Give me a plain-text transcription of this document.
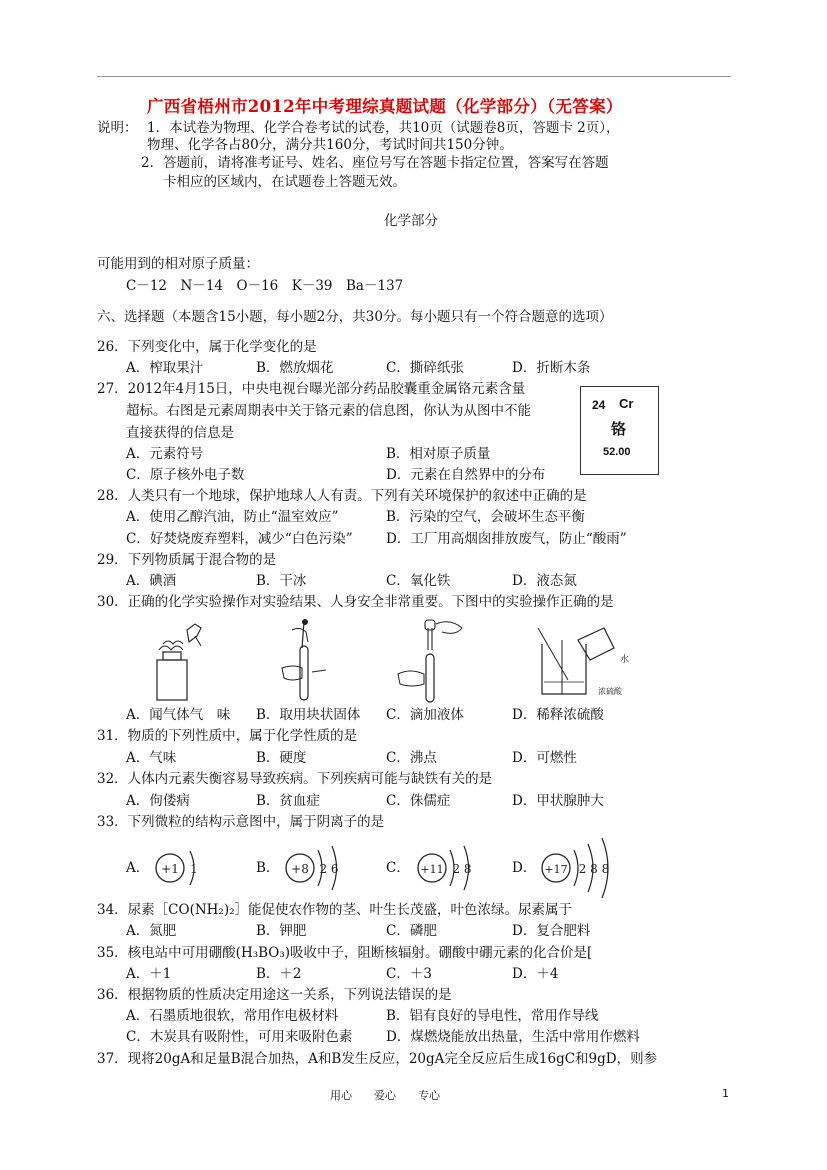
广西省梧州市2012年中考理综真题试题（化学部分）（无答案）
说明： 1．本试卷为物理、化学合卷考试的试卷，共10页（试题卷8页，答题卡 2页），
物理、化学各占80分，满分共160分，考试时间共150分钟。
2．答题前，请将准考证号、姓名、座位号写在答题卡指定位置，答案写在答题
卡相应的区域内，在试题卷上答题无效。
化学部分
可能用到的相对原子质量：
C－12　N－14　O－16　K－39　Ba－137
六、选择题（本题含15小题，每小题2分，共30分。每小题只有一个符合题意的选项）
26．下列变化中，属于化学变化的是
A．榨取果汁	B．燃放烟花	C．撕碎纸张	D．折断木条
27．2012年4月15日，中央电视台曝光部分药品胶囊重金属铬元素含量
超标。右图是元素周期表中关于铬元素的信息图，你认为从图中不能
直接获得的信息是
A．元素符号	B．相对原子质量
C．原子核外电子数	D．元素在自然界中的分布
24 Cr
铬
52.00
28．人类只有一个地球，保护地球人人有责。下列有关环境保护的叙述中正确的是
A．使用乙醇汽油，防止“温室效应”	B．污染的空气，会破坏生态平衡
C．好焚烧废弃塑料，减少“白色污染” D．工厂用高烟囱排放废气，防止“酸雨”
29．下列物质属于混合物的是
A．碘酒	B．干冰	C．氧化铁	D．液态氮
30．正确的化学实验操作对实验结果、人身安全非常重要。下图中的实验操作正确的是
水
浓硫酸
A．闻气体气　味 B．取用块状固体 C．滴加液体	D．稀释浓硫酸
31．物质的下列性质中，属于化学性质的是
A．气味	B．硬度	C．沸点	D．可燃性
32．人体内元素失衡容易导致疾病。下列疾病可能与缺铁有关的是
A．佝偻病	B．贫血症	C．侏儒症	D．甲状腺肿大
33．下列微粒的结构示意图中，属于阴离子的是
A． +1 1	B． +8 2 6	C． +11 2 8	D． +17 2 8 8
34．尿素［CO(NH₂)₂］能促使农作物的茎、叶生长茂盛，叶色浓绿。尿素属于
A．氮肥	B．钾肥	C．磷肥	D．复合肥料
35．核电站中可用硼酸(H₃BO₃)吸收中子，阻断核辐射。硼酸中硼元素的化合价是[
A．＋1	B．＋2	C．＋3	D．＋4
36．根据物质的性质决定用途这一关系，下列说法错误的是
A．石墨质地很软，常用作电极材料	B．铝有良好的导电性，常用作导线
C．木炭具有吸附性，可用来吸附色素 D．煤燃烧能放出热量，生活中常用作燃料
37．现将20gA和足量B混合加热，A和B发生反应，20gA完全反应后生成16gC和9gD，则参
用心　　爱心　　专心	1
